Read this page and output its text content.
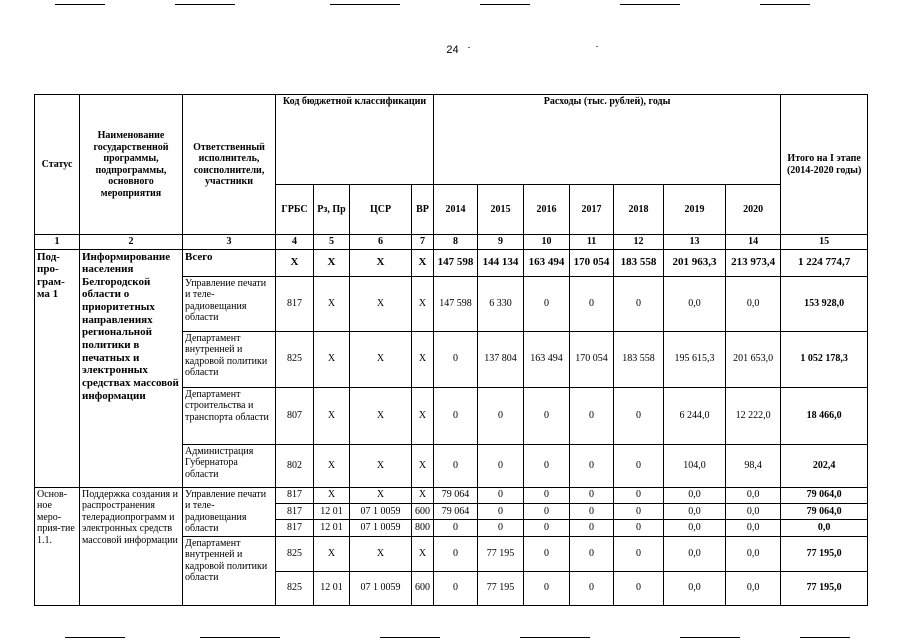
24
Статус	Наименование государственной программы, подпрограммы, основного мероприятия	Ответственный исполнитель, соисполнители, участники	Код бюджетной классификации				Расходы (тыс. рублей), годы							Итого на I этапе (2014-2020 годы)
			ГРБС	Рз, Пр	ЦСР	ВР	2014	2015	2016	2017	2018	2019	2020	
1	2	3	4	5	6	7	8	9	10	11	12	13	14	15
Под-про-грам-ма 1	Информирование населения Белгородской области о приоритетных направлениях региональной политики в печатных и электронных средствах массовой информации	Всего	Х	Х	Х	Х	147 598	144 134	163 494	170 054	183 558	201 963,3	213 973,4	1 224 774,7
		Управление печати и теле-радиовещания области	817	Х	Х	Х	147 598	6 330	0	0	0	0,0	0,0	153 928,0
		Департамент внутренней и кадровой политики области	825	Х	Х	Х	0	137 804	163 494	170 054	183 558	195 615,3	201 653,0	1 052 178,3
		Департамент строительства и транспорта области	807	Х	Х	Х	0	0	0	0	0	6 244,0	12 222,0	18 466,0
		Администрация Губернатора области	802	Х	Х	Х	0	0	0	0	0	104,0	98,4	202,4
Основ-ное меро-прия-тие 1.1.	Поддержка создания и распространения телерадиопрограмм и электронных средств массовой информации	Управление печати и теле-радиовещания области	817	Х	Х	Х	79 064	0	0	0	0	0,0	0,0	79 064,0
			817	12 01	07 1 0059	600	79 064	0	0	0	0	0,0	0,0	79 064,0
			817	12 01	07 1 0059	800	0	0	0	0	0	0,0	0,0	0,0
		Департамент внутренней и кадровой политики области	825	Х	Х	Х	0	77 195	0	0	0	0,0	0,0	77 195,0
			825	12 01	07 1 0059	600	0	77 195	0	0	0	0,0	0,0	77 195,0
